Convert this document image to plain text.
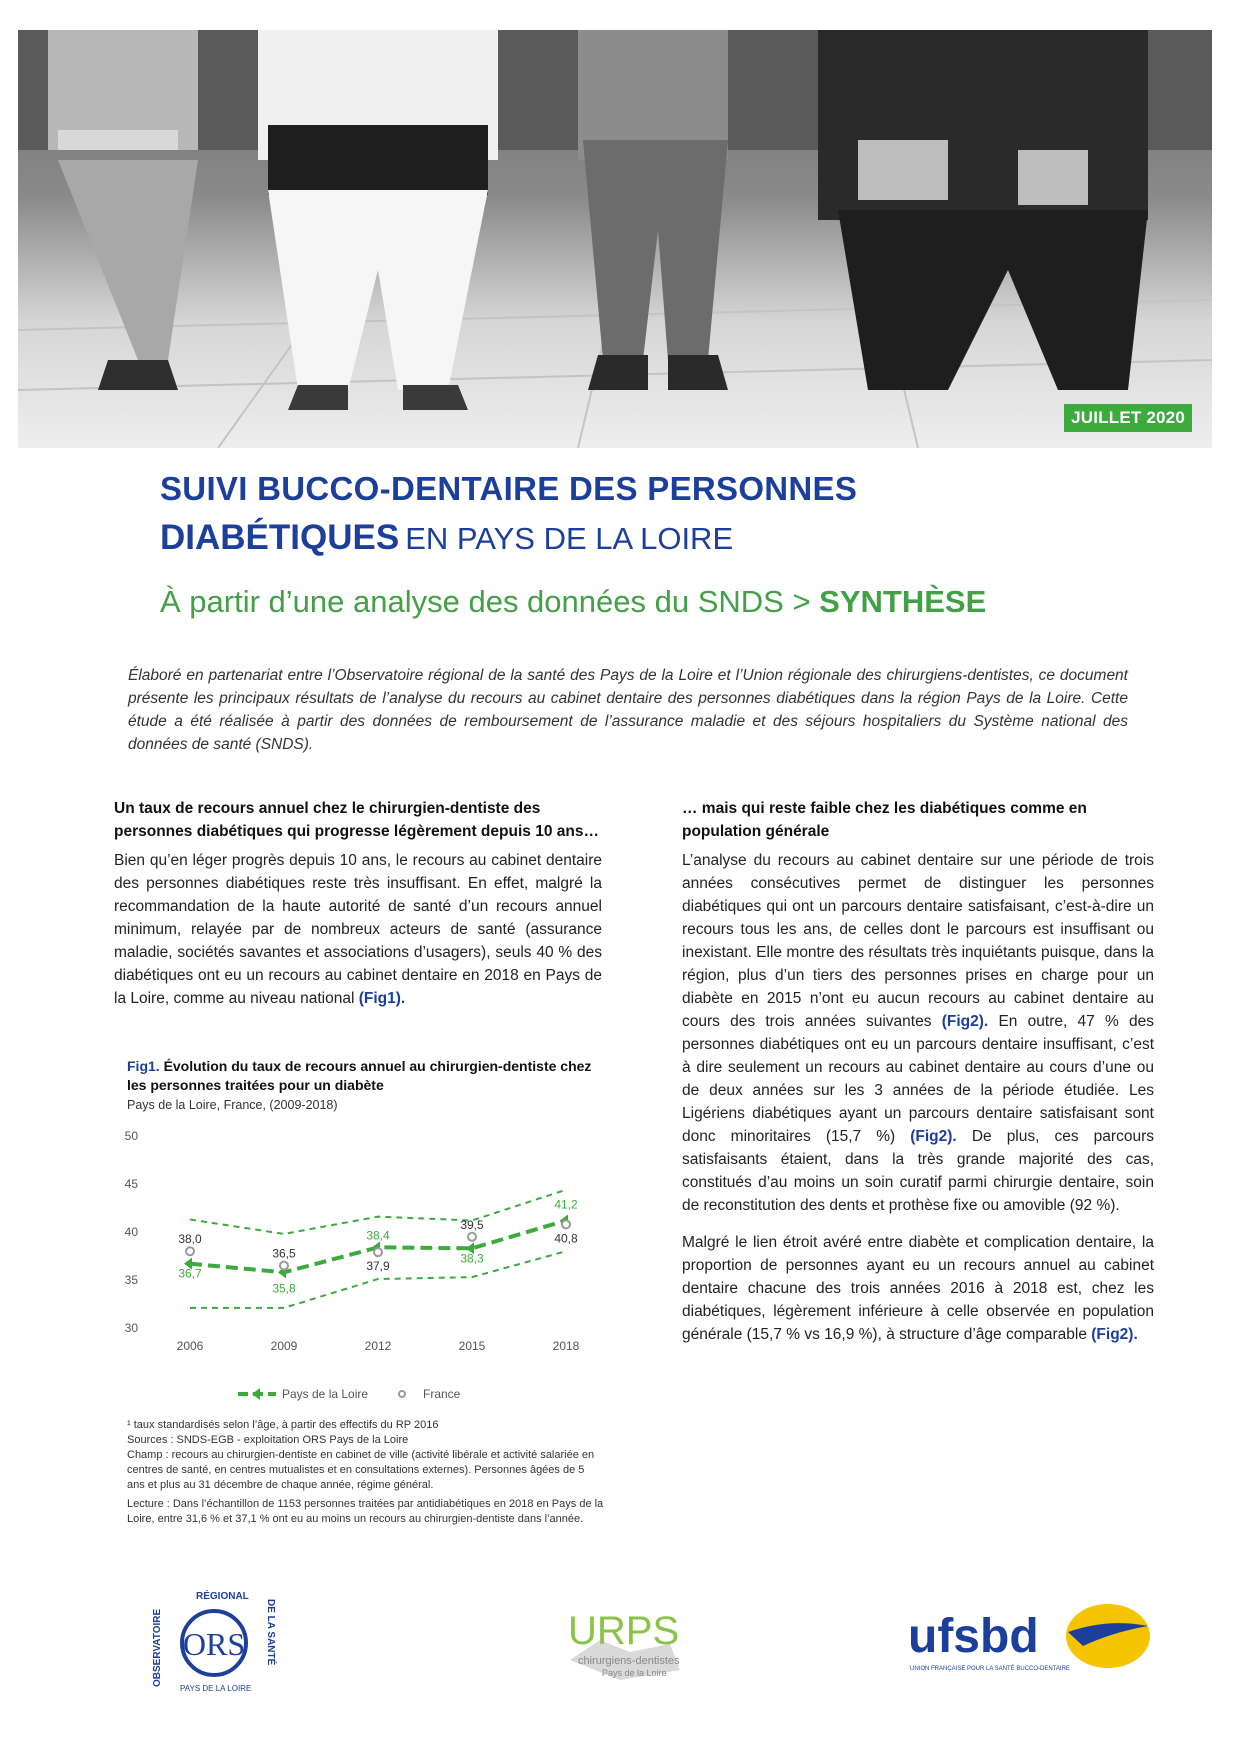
JUILLET 2020
SUIVI BUCCO-DENTAIRE DES PERSONNES
DIABÉTIQUES EN PAYS DE LA LOIRE
À partir d’une analyse des données du SNDS > SYNTHÈSE
Élaboré en partenariat entre l’Observatoire régional de la santé des Pays de la Loire et l’Union régionale des chirurgiens-dentistes, ce document présente les principaux résultats de l’analyse du recours au cabinet dentaire des personnes diabétiques dans la région Pays de la Loire. Cette étude a été réalisée à partir des données de remboursement de l’assurance maladie et des séjours hospitaliers du Système national des données de santé (SNDS).
Un taux de recours annuel chez le chirurgien-dentiste des personnes diabétiques qui progresse légèrement depuis 10 ans…

Bien qu’en léger progrès depuis 10 ans, le recours au cabinet dentaire des personnes diabétiques reste très insuffisant. En effet, malgré la recommandation de la haute autorité de santé d’un recours annuel minimum, relayée par de nombreux acteurs de santé (assurance maladie, sociétés savantes et associations d’usagers), seuls 40 % des diabétiques ont eu un recours au cabinet dentaire en 2018 en Pays de la Loire, comme au niveau national (Fig1).

Fig1. Évolution du taux de recours annuel au chirurgien-dentiste chez les personnes traitées pour un diabète
Pays de la Loire, France, (2009-2018)
30
35
40
45
50
2006	2009	2012	2015	2018
36,7
35,8
38,4
38,3
41,2
38,0
36,5
37,9
39,5
40,8
Pays de la Loire	France

¹ taux standardisés selon l’âge, à partir des effectifs du RP 2016

Sources : SNDS-EGB - exploitation ORS Pays de la Loire

Champ : recours au chirurgien-dentiste en cabinet de ville (activité libérale et activité salariée en centres de santé, en centres mutualistes et en consultations externes). Personnes âgées de 5 ans et plus au 31 décembre de chaque année, régime général.

Lecture : Dans l’échantillon de 1153 personnes traitées par antidiabétiques en 2018 en Pays de la Loire, entre 31,6 % et 37,1 % ont eu au moins un recours au chirurgien-dentiste dans l’année.

… mais qui reste faible chez les diabétiques comme en population générale

L’analyse du recours au cabinet dentaire sur une période de trois années consécutives permet de distinguer les personnes diabétiques qui ont un parcours dentaire satisfaisant, c’est-à-dire un recours tous les ans, de celles dont le parcours est insuffisant ou inexistant. Elle montre des résultats très inquiétants puisque, dans la région, plus d’un tiers des personnes prises en charge pour un diabète en 2015 n’ont eu aucun recours au cabinet dentaire au cours des trois années suivantes (Fig2). En outre, 47 % des personnes diabétiques ont eu un parcours dentaire insuffisant, c’est à dire seulement un recours au cabinet dentaire au cours d’une ou de deux années sur les 3 années de la période étudiée. Les Ligériens diabétiques ayant un parcours dentaire satisfaisant sont donc minoritaires (15,7 %) (Fig2). De plus, ces parcours satisfaisants étaient, dans la très grande majorité des cas, constitués d’au moins un soin curatif parmi chirurgie dentaire, soin de reconstitution des dents et prothèse fixe ou amovible (92 %).

Malgré le lien étroit avéré entre diabète et complication dentaire, la proportion de personnes ayant eu un recours annuel au cabinet dentaire chacune des trois années 2016 à 2018 est, chez les diabétiques, légèrement inférieure à celle observée en population générale (15,7 % vs 16,9 %), à structure d’âge comparable (Fig2).

RÉGIONAL
OBSERVATOIRE	DE LA SANTÉ
ORS
PAYS DE LA LOIRE
URPS
chirurgiens-dentistes
Pays de la Loire
ufsbd
UNION FRANÇAISE POUR LA SANTÉ BUCCO-DENTAIRE
